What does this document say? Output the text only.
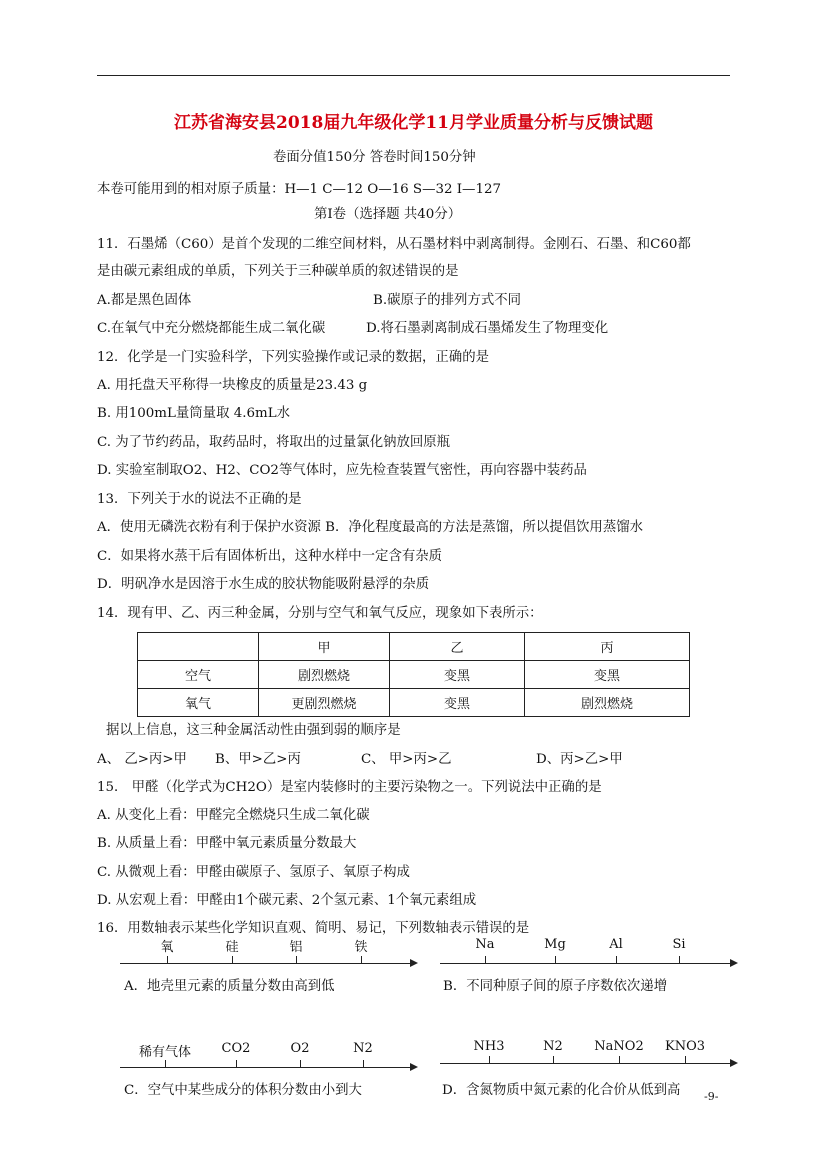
江苏省海安县2018届九年级化学11月学业质量分析与反馈试题
卷面分值150分 答卷时间150分钟
本卷可能用到的相对原子质量：H—1 C—12 O—16 S—32 I—127
第Ⅰ卷（选择题 共40分）
11．石墨烯（C60）是首个发现的二维空间材料，从石墨材料中剥离制得。金刚石、石墨、和C60都
是由碳元素组成的单质，下列关于三种碳单质的叙述错误的是
A.都是黑色固体	B.碳原子的排列方式不同
C.在氧气中充分燃烧都能生成二氧化碳	D.将石墨剥离制成石墨烯发生了物理变化
12．化学是一门实验科学，下列实验操作或记录的数据，正确的是
A. 用托盘天平称得一块橡皮的质量是23.43 g
B. 用100mL量筒量取 4.6mL水
C. 为了节约药品，取药品时，将取出的过量氯化钠放回原瓶
D. 实验室制取O2、H2、CO2等气体时，应先检查装置气密性，再向容器中装药品
13．下列关于水的说法不正确的是
A．使用无磷洗衣粉有利于保护水资源 B．净化程度最高的方法是蒸馏，所以提倡饮用蒸馏水
C．如果将水蒸干后有固体析出，这种水样中一定含有杂质
D．明矾净水是因溶于水生成的胶状物能吸附悬浮的杂质
14．现有甲、乙、丙三种金属，分别与空气和氧气反应，现象如下表所示：
	甲	乙	丙
空气	剧烈燃烧	变黑	变黑
氧气	更剧烈燃烧	变黑	剧烈燃烧
据以上信息，这三种金属活动性由强到弱的顺序是
A、 乙>丙>甲 B、甲>乙>丙	C、 甲>丙>乙	D、丙>乙>甲
15． 甲醛（化学式为CH2O）是室内装修时的主要污染物之一。下列说法中正确的是
A. 从变化上看：甲醛完全燃烧只生成二氧化碳
B. 从质量上看：甲醛中氧元素质量分数最大
C. 从微观上看：甲醛由碳原子、氢原子、氧原子构成
D. 从宏观上看：甲醛由1个碳元素、2个氢元素、1个氧元素组成
16．用数轴表示某些化学知识直观、简明、易记，下列数轴表示错误的是
氧	硅	铝	铁
A．地壳里元素的质量分数由高到低
Na	Mg	Al	Si
B．不同种原子间的原子序数依次递增
稀有气体 CO2	O2	N2
C．空气中某些成分的体积分数由小到大
NH3	N2 NaNO2 KNO3
D．含氮物质中氮元素的化合价从低到高 -9-
